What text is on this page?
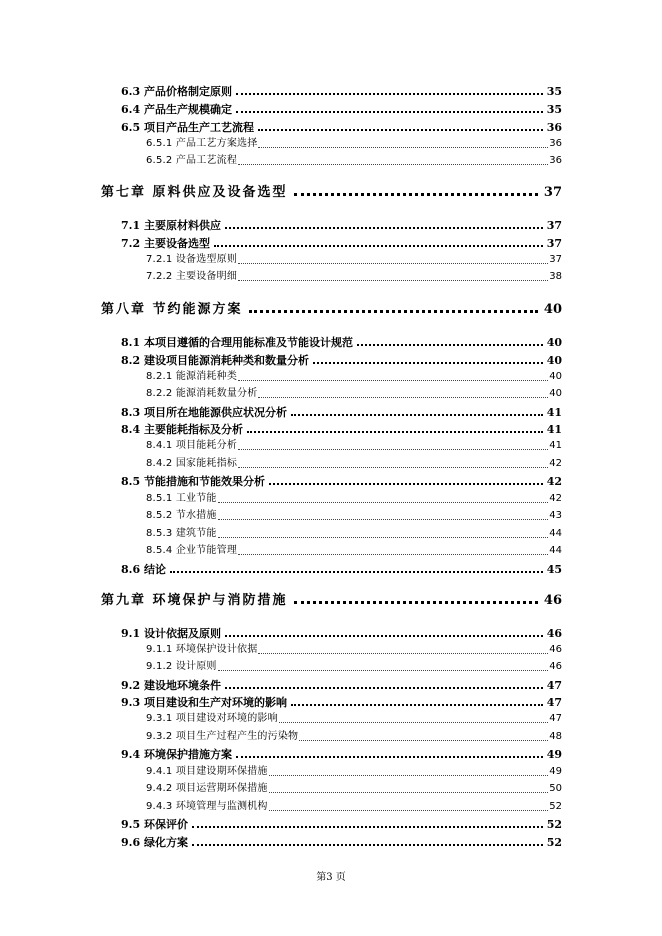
6.3 产品价格制定原则	35
6.4 产品生产规模确定	35
6.5 项目产品生产工艺流程	36
6.5.1 产品工艺方案选择	36
6.5.2 产品工艺流程	36
第七章 原料供应及设备选型	37
7.1 主要原材料供应	37
7.2 主要设备选型	37
7.2.1 设备选型原则	37
7.2.2 主要设备明细	38
第八章 节约能源方案	40
8.1 本项目遵循的合理用能标准及节能设计规范	40
8.2 建设项目能源消耗种类和数量分析	40
8.2.1 能源消耗种类	40
8.2.2 能源消耗数量分析	40
8.3 项目所在地能源供应状况分析	41
8.4 主要能耗指标及分析	41
8.4.1 项目能耗分析	41
8.4.2 国家能耗指标	42
8.5 节能措施和节能效果分析	42
8.5.1 工业节能	42
8.5.2 节水措施	43
8.5.3 建筑节能	44
8.5.4 企业节能管理	44
8.6 结论	45
第九章 环境保护与消防措施	46
9.1 设计依据及原则	46
9.1.1 环境保护设计依据	46
9.1.2 设计原则	46
9.2 建设地环境条件	47
9.3 项目建设和生产对环境的影响	47
9.3.1 项目建设对环境的影响	47
9.3.2 项目生产过程产生的污染物	48
9.4 环境保护措施方案	49
9.4.1 项目建设期环保措施	49
9.4.2 项目运营期环保措施	50
9.4.3 环境管理与监测机构	52
9.5 环保评价	52
9.6 绿化方案	52
第3 页
